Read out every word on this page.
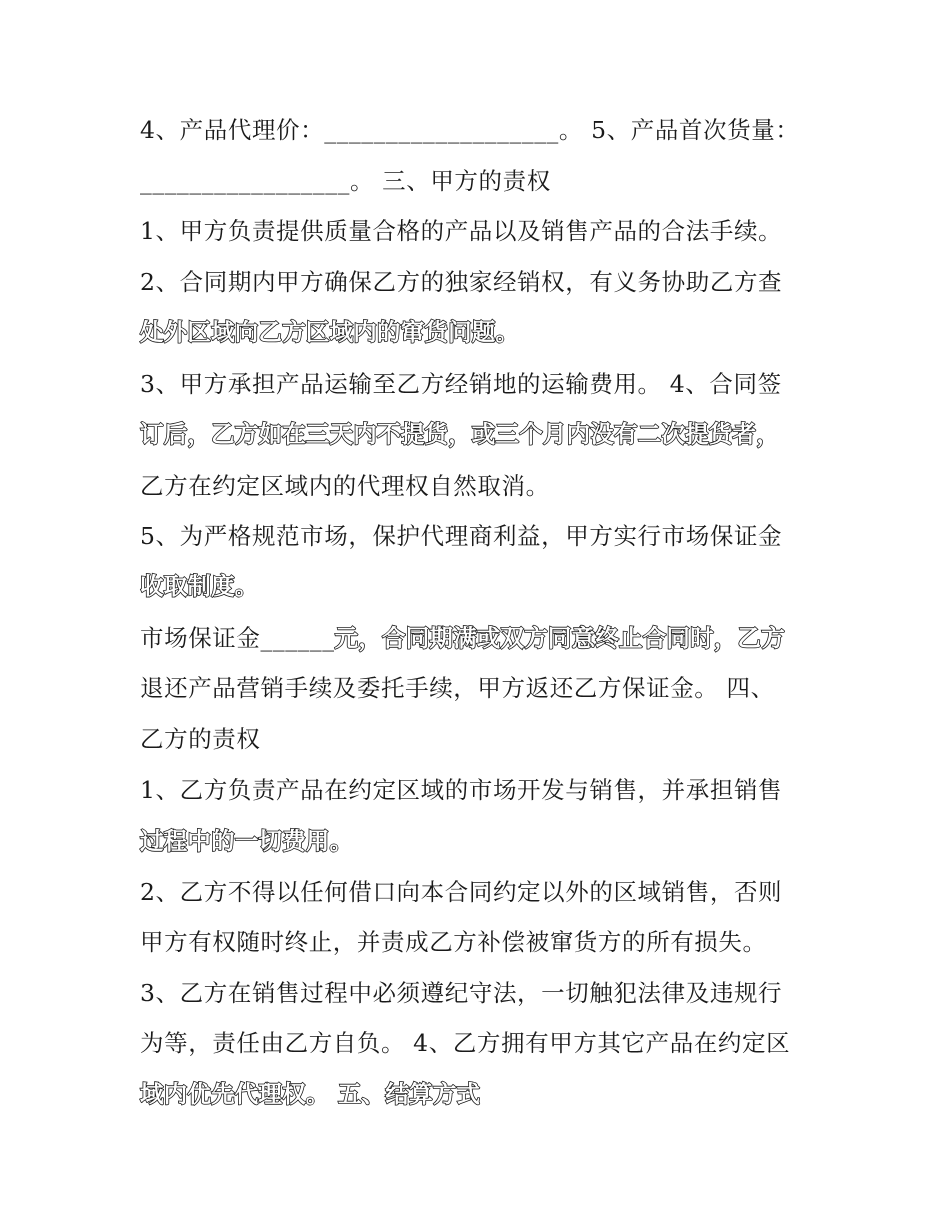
4、产品代理价：___________________。 5、产品首次货量：
_________________。 三、甲方的责权
1、甲方负责提供质量合格的产品以及销售产品的合法手续。
2、合同期内甲方确保乙方的独家经销权，有义务协助乙方查
处外区域向乙方区域内的窜货问题。
3、甲方承担产品运输至乙方经销地的运输费用。 4、合同签
订后，乙方如在三天内不提货，或三个月内没有二次提货者，
乙方在约定区域内的代理权自然取消。
5、为严格规范市场，保护代理商利益，甲方实行市场保证金
收取制度。
市场保证金______元，合同期满或双方同意终止合同时，乙方
退还产品营销手续及委托手续，甲方返还乙方保证金。 四、
乙方的责权
1、乙方负责产品在约定区域的市场开发与销售，并承担销售
过程中的一切费用。
2、乙方不得以任何借口向本合同约定以外的区域销售，否则
甲方有权随时终止，并责成乙方补偿被窜货方的所有损失。
3、乙方在销售过程中必须遵纪守法，一切触犯法律及违规行
为等，责任由乙方自负。 4、乙方拥有甲方其它产品在约定区
域内优先代理权。 五、结算方式
